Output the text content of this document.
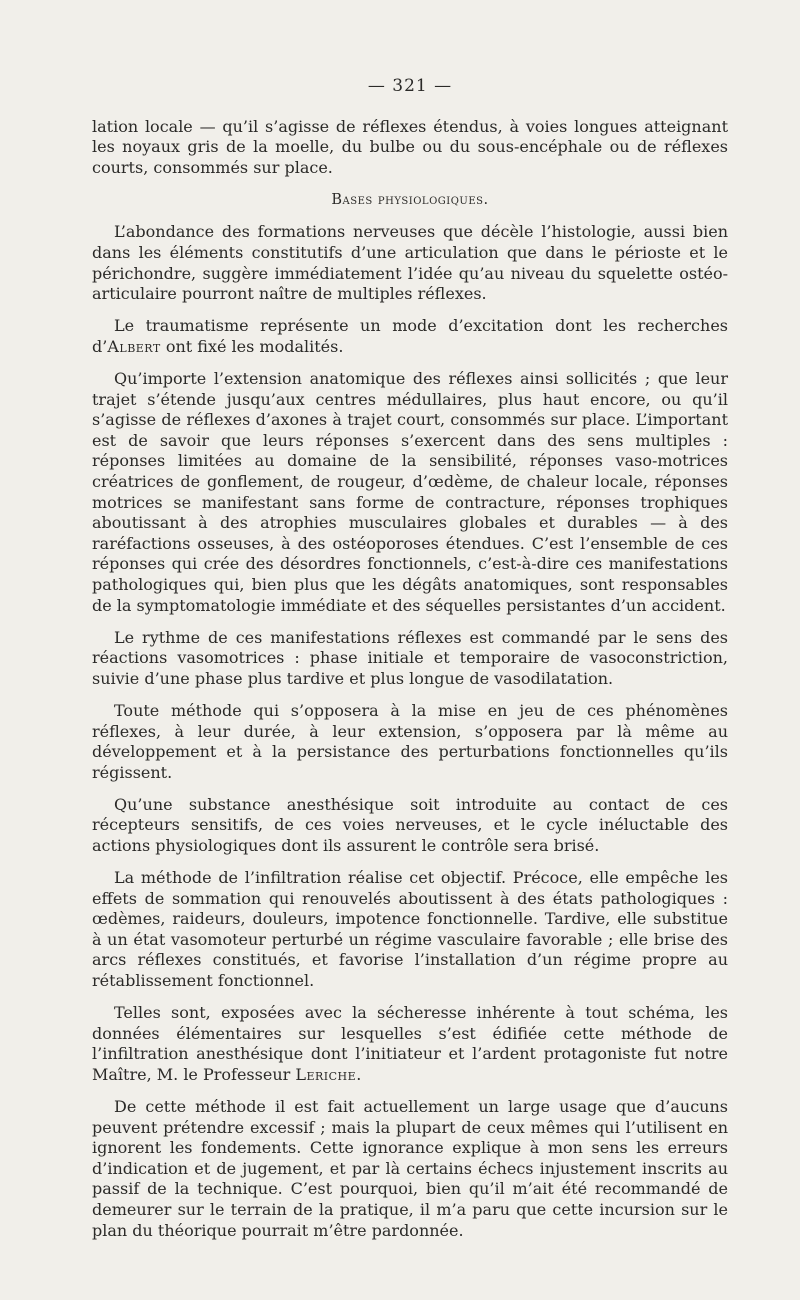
— 321 —

lation locale — qu’il s’agisse de réflexes étendus, à voies longues atteignant les noyaux gris de la moelle, du bulbe ou du sous-encéphale ou de réflexes courts, consommés sur place.

Bases physiologiques.

L’abondance des formations nerveuses que décèle l’histologie, aussi bien dans les éléments constitutifs d’une articulation que dans le périoste et le périchondre, suggère immédiatement l’idée qu’au niveau du squelette ostéo-articulaire pourront naître de multiples réflexes.

Le traumatisme représente un mode d’excitation dont les recherches d’Albert ont fixé les modalités.

Qu’importe l’extension anatomique des réflexes ainsi sollicités ; que leur trajet s’étende jusqu’aux centres médullaires, plus haut encore, ou qu’il s’agisse de réflexes d’axones à trajet court, consommés sur place. L’important est de savoir que leurs réponses s’exercent dans des sens multiples : réponses limitées au domaine de la sensibilité, réponses vaso-motrices créatrices de gonflement, de rougeur, d’œdème, de chaleur locale, réponses motrices se manifestant sans forme de contracture, réponses trophiques aboutissant à des atrophies musculaires globales et durables — à des raréfactions osseuses, à des ostéoporoses étendues. C’est l’ensemble de ces réponses qui crée des désordres fonctionnels, c’est-à-dire ces manifestations pathologiques qui, bien plus que les dégâts anatomiques, sont responsables de la symptomatologie immédiate et des séquelles persistantes d’un accident.

Le rythme de ces manifestations réflexes est commandé par le sens des réactions vasomotrices : phase initiale et temporaire de vasoconstriction, suivie d’une phase plus tardive et plus longue de vasodilatation.

Toute méthode qui s’opposera à la mise en jeu de ces phénomènes réflexes, à leur durée, à leur extension, s’opposera par là même au développement et à la persistance des perturbations fonctionnelles qu’ils régissent.

Qu’une substance anesthésique soit introduite au contact de ces récepteurs sensitifs, de ces voies nerveuses, et le cycle inéluctable des actions physiologiques dont ils assurent le contrôle sera brisé.

La méthode de l’infiltration réalise cet objectif. Précoce, elle empêche les effets de sommation qui renouvelés aboutissent à des états pathologiques : œdèmes, raideurs, douleurs, impotence fonctionnelle. Tardive, elle substitue à un état vasomoteur perturbé un régime vasculaire favorable ; elle brise des arcs réflexes constitués, et favorise l’installation d’un régime propre au rétablissement fonctionnel.

Telles sont, exposées avec la sécheresse inhérente à tout schéma, les données élémentaires sur lesquelles s’est édifiée cette méthode de l’infiltration anesthésique dont l’initiateur et l’ardent protagoniste fut notre Maître, M. le Professeur Leriche.

De cette méthode il est fait actuellement un large usage que d’aucuns peuvent prétendre excessif ; mais la plupart de ceux mêmes qui l’utilisent en ignorent les fondements. Cette ignorance explique à mon sens les erreurs d’indication et de jugement, et par là certains échecs injustement inscrits au passif de la technique. C’est pourquoi, bien qu’il m’ait été recommandé de demeurer sur le terrain de la pratique, il m’a paru que cette incursion sur le plan du théorique pourrait m’être pardonnée.
